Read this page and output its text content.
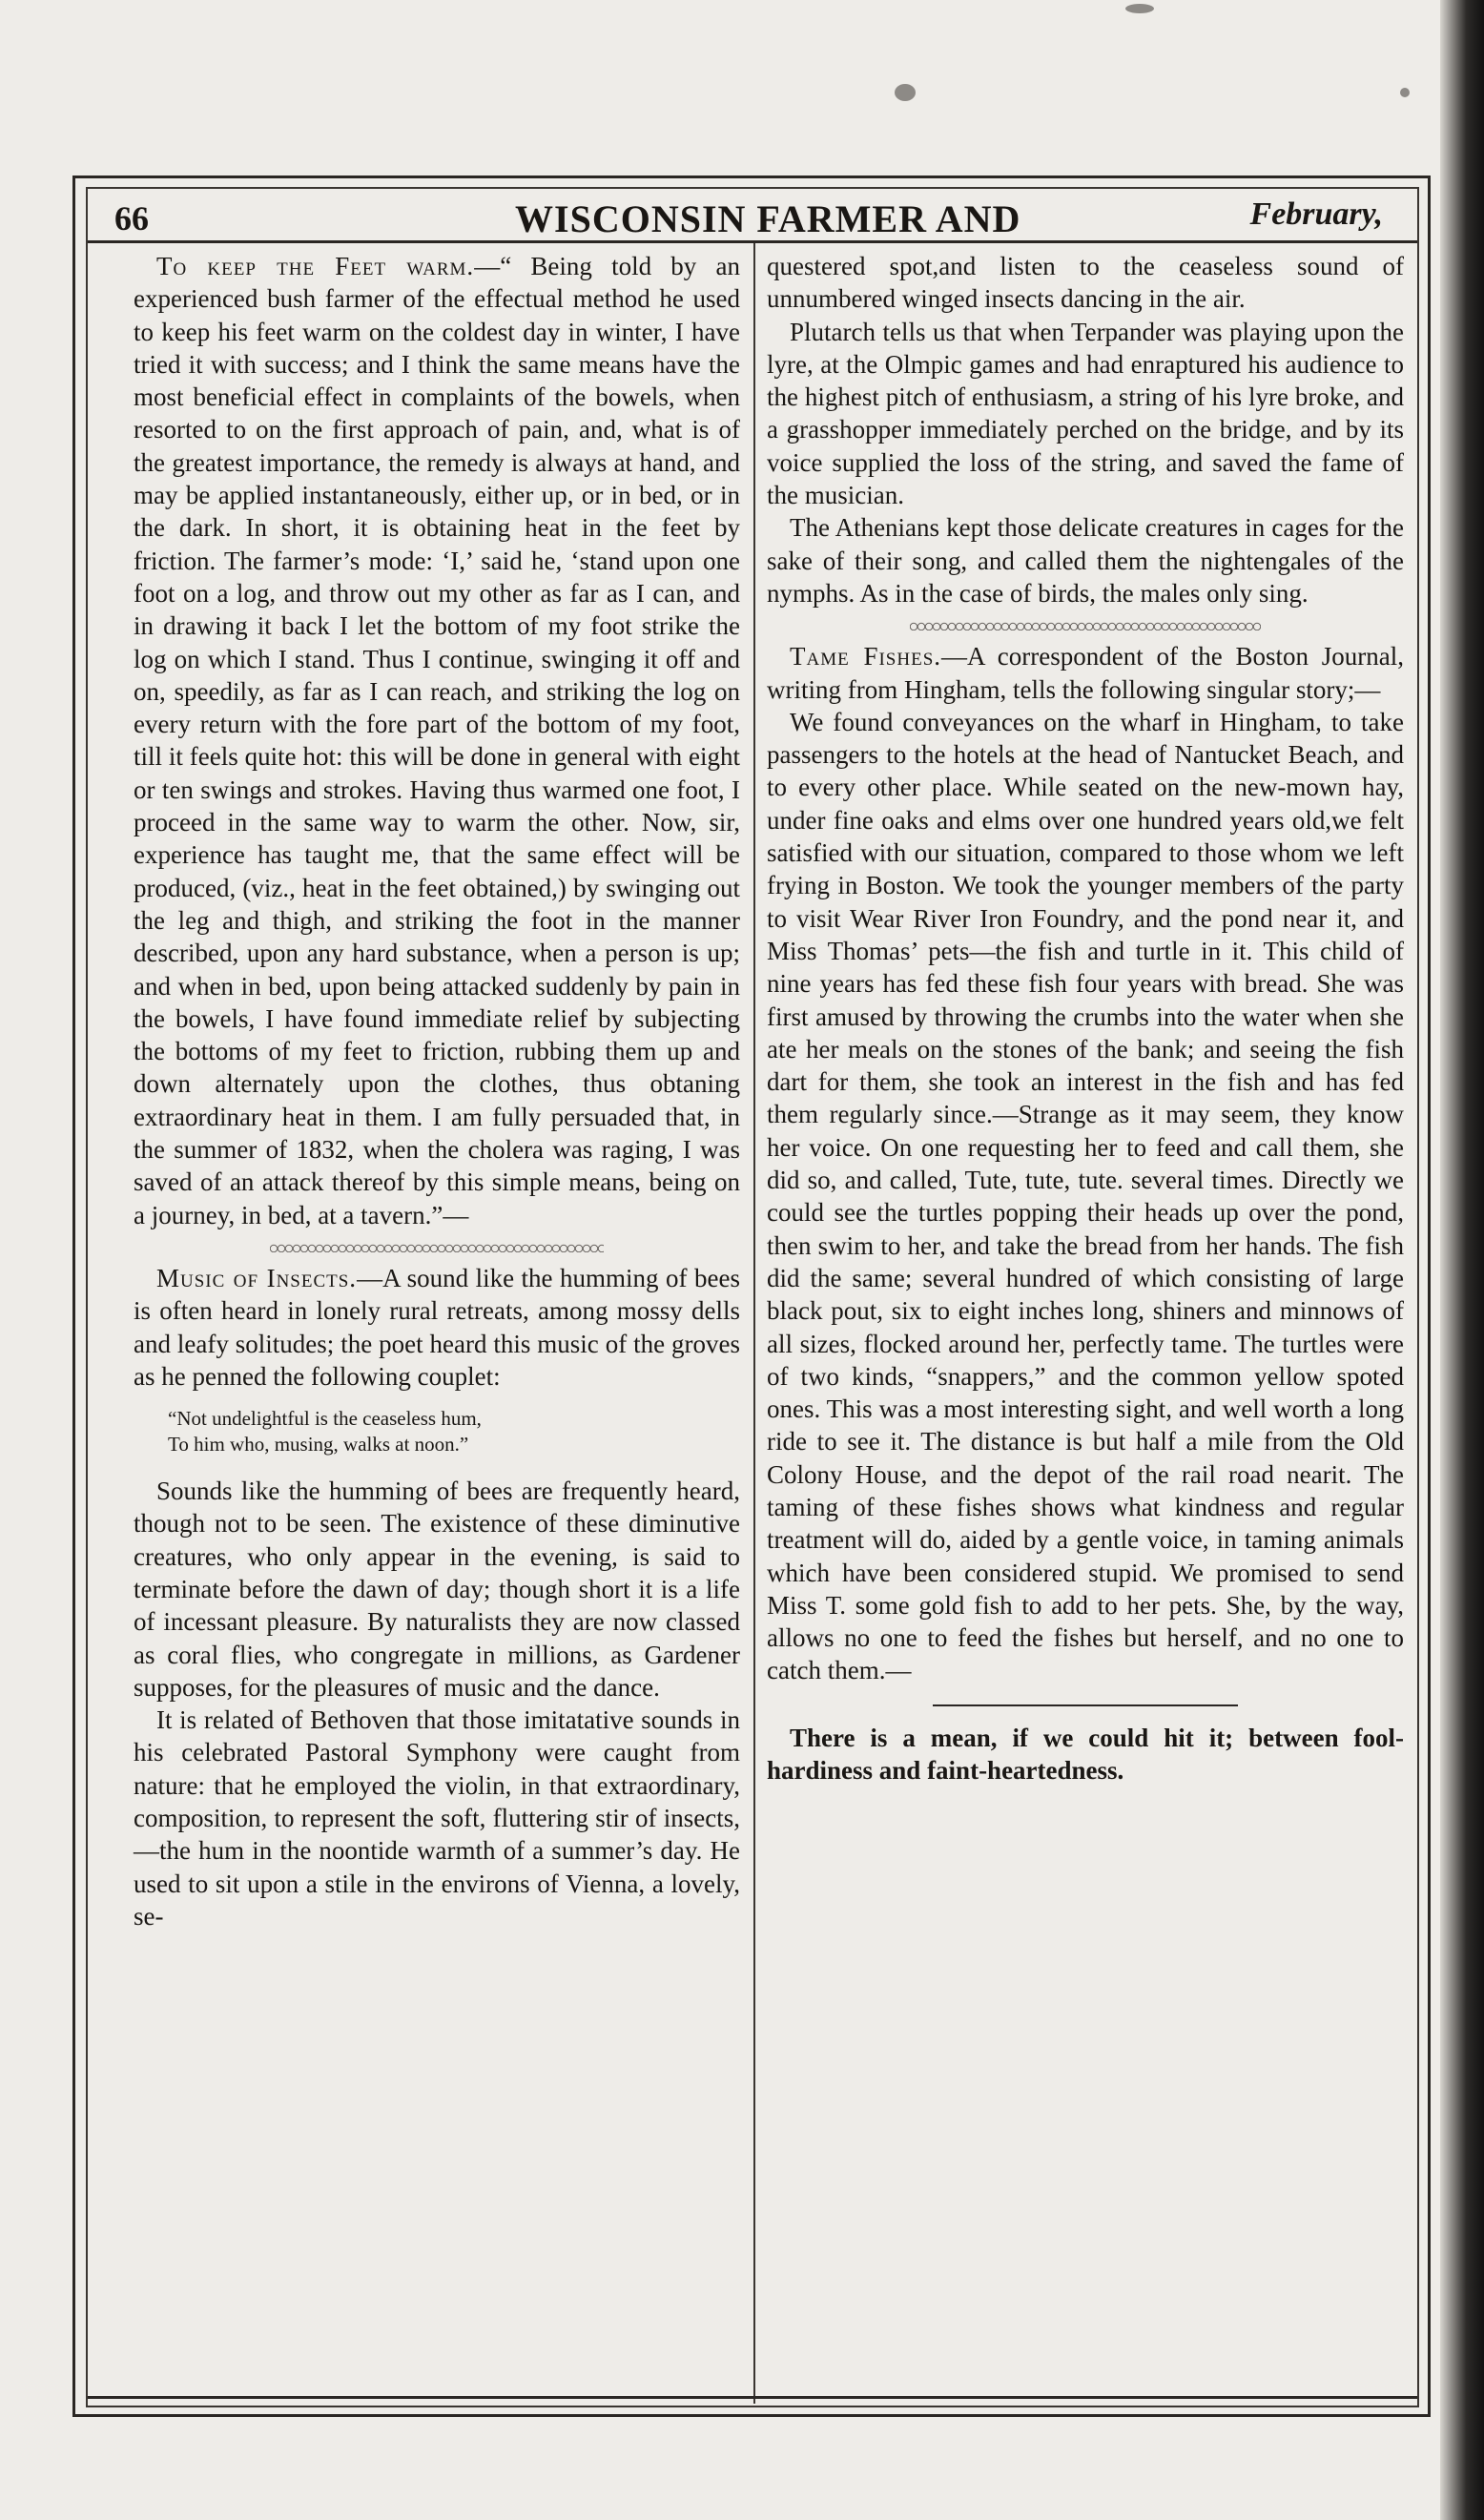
66	WISCONSIN FARMER AND	February,

To keep the Feet warm.—“ Being told by an experienced bush farmer of the effectual method he used to keep his feet warm on the coldest day in winter, I have tried it with success; and I think the same means have the most beneficial effect in complaints of the bowels, when resorted to on the first approach of pain, and, what is of the greatest importance, the remedy is always at hand, and may be applied instantaneously, either up, or in bed, or in the dark. In short, it is obtaining heat in the feet by friction. The farmer’s mode: ‘I,’ said he, ‘stand upon one foot on a log, and throw out my other as far as I can, and in drawing it back I let the bottom of my foot strike the log on which I stand. Thus I continue, swinging it off and on, speedily, as far as I can reach, and striking the log on every return with the fore part of the bottom of my foot, till it feels quite hot: this will be done in general with eight or ten swings and strokes. Having thus warmed one foot, I proceed in the same way to warm the other. Now, sir, experience has taught me, that the same effect will be produced, (viz., heat in the feet obtained,) by swinging out the leg and thigh, and striking the foot in the manner described, upon any hard substance, when a person is up; and when in bed, upon being attacked suddenly by pain in the bowels, I have found immediate relief by subjecting the bottoms of my feet to friction, rubbing them up and down alternately upon the clothes, thus obtaning extraordinary heat in them. I am fully persuaded that, in the summer of 1832, when the cholera was raging, I was saved of an attack thereof by this simple means, being on a journey, in bed, at a tavern.”—

Music of Insects.—A sound like the humming of bees is often heard in lonely rural retreats, among mossy dells and leafy solitudes; the poet heard this music of the groves as he penned the following couplet:

“Not undelightful is the ceaseless hum,
To him who, musing, walks at noon.”

Sounds like the humming of bees are frequently heard, though not to be seen. The existence of these diminutive creatures, who only appear in the evening, is said to terminate before the dawn of day; though short it is a life of incessant pleasure. By naturalists they are now classed as coral flies, who congregate in millions, as Gardener supposes, for the pleasures of music and the dance.

It is related of Bethoven that those imitatative sounds in his celebrated Pastoral Symphony were caught from nature: that he employed the violin, in that extraordinary, composition, to represent the soft, fluttering stir of insects,—the hum in the noontide warmth of a summer’s day. He used to sit upon a stile in the environs of Vienna, a lovely, se-

questered spot,and listen to the ceaseless sound of unnumbered winged insects dancing in the air.

Plutarch tells us that when Terpander was playing upon the lyre, at the Olmpic games and had enraptured his audience to the highest pitch of enthusiasm, a string of his lyre broke, and a grasshopper immediately perched on the bridge, and by its voice supplied the loss of the string, and saved the fame of the musician.

The Athenians kept those delicate creatures in cages for the sake of their song, and called them the nightengales of the nymphs. As in the case of birds, the males only sing.

Tame Fishes.—A correspondent of the Boston Journal, writing from Hingham, tells the following singular story;—

We found conveyances on the wharf in Hingham, to take passengers to the hotels at the head of Nantucket Beach, and to every other place. While seated on the new-mown hay, under fine oaks and elms over one hundred years old,we felt satisfied with our situation, compared to those whom we left frying in Boston. We took the younger members of the party to visit Wear River Iron Foundry, and the pond near it, and Miss Thomas’ pets—the fish and turtle in it. This child of nine years has fed these fish four years with bread. She was first amused by throwing the crumbs into the water when she ate her meals on the stones of the bank; and seeing the fish dart for them, she took an interest in the fish and has fed them regularly since.—Strange as it may seem, they know her voice. On one requesting her to feed and call them, she did so, and called, Tute, tute, tute. several times. Directly we could see the turtles popping their heads up over the pond, then swim to her, and take the bread from her hands. The fish did the same; several hundred of which consisting of large black pout, six to eight inches long, shiners and minnows of all sizes, flocked around her, perfectly tame. The turtles were of two kinds, “snappers,” and the common yellow spoted ones. This was a most interesting sight, and well worth a long ride to see it. The distance is but half a mile from the Old Colony House, and the depot of the rail road nearit. The taming of these fishes shows what kindness and regular treatment will do, aided by a gentle voice, in taming animals which have been considered stupid. We promised to send Miss T. some gold fish to add to her pets. She, by the way, allows no one to feed the fishes but herself, and no one to catch them.—

There is a mean, if we could hit it; between fool-hardiness and faint-heartedness.
